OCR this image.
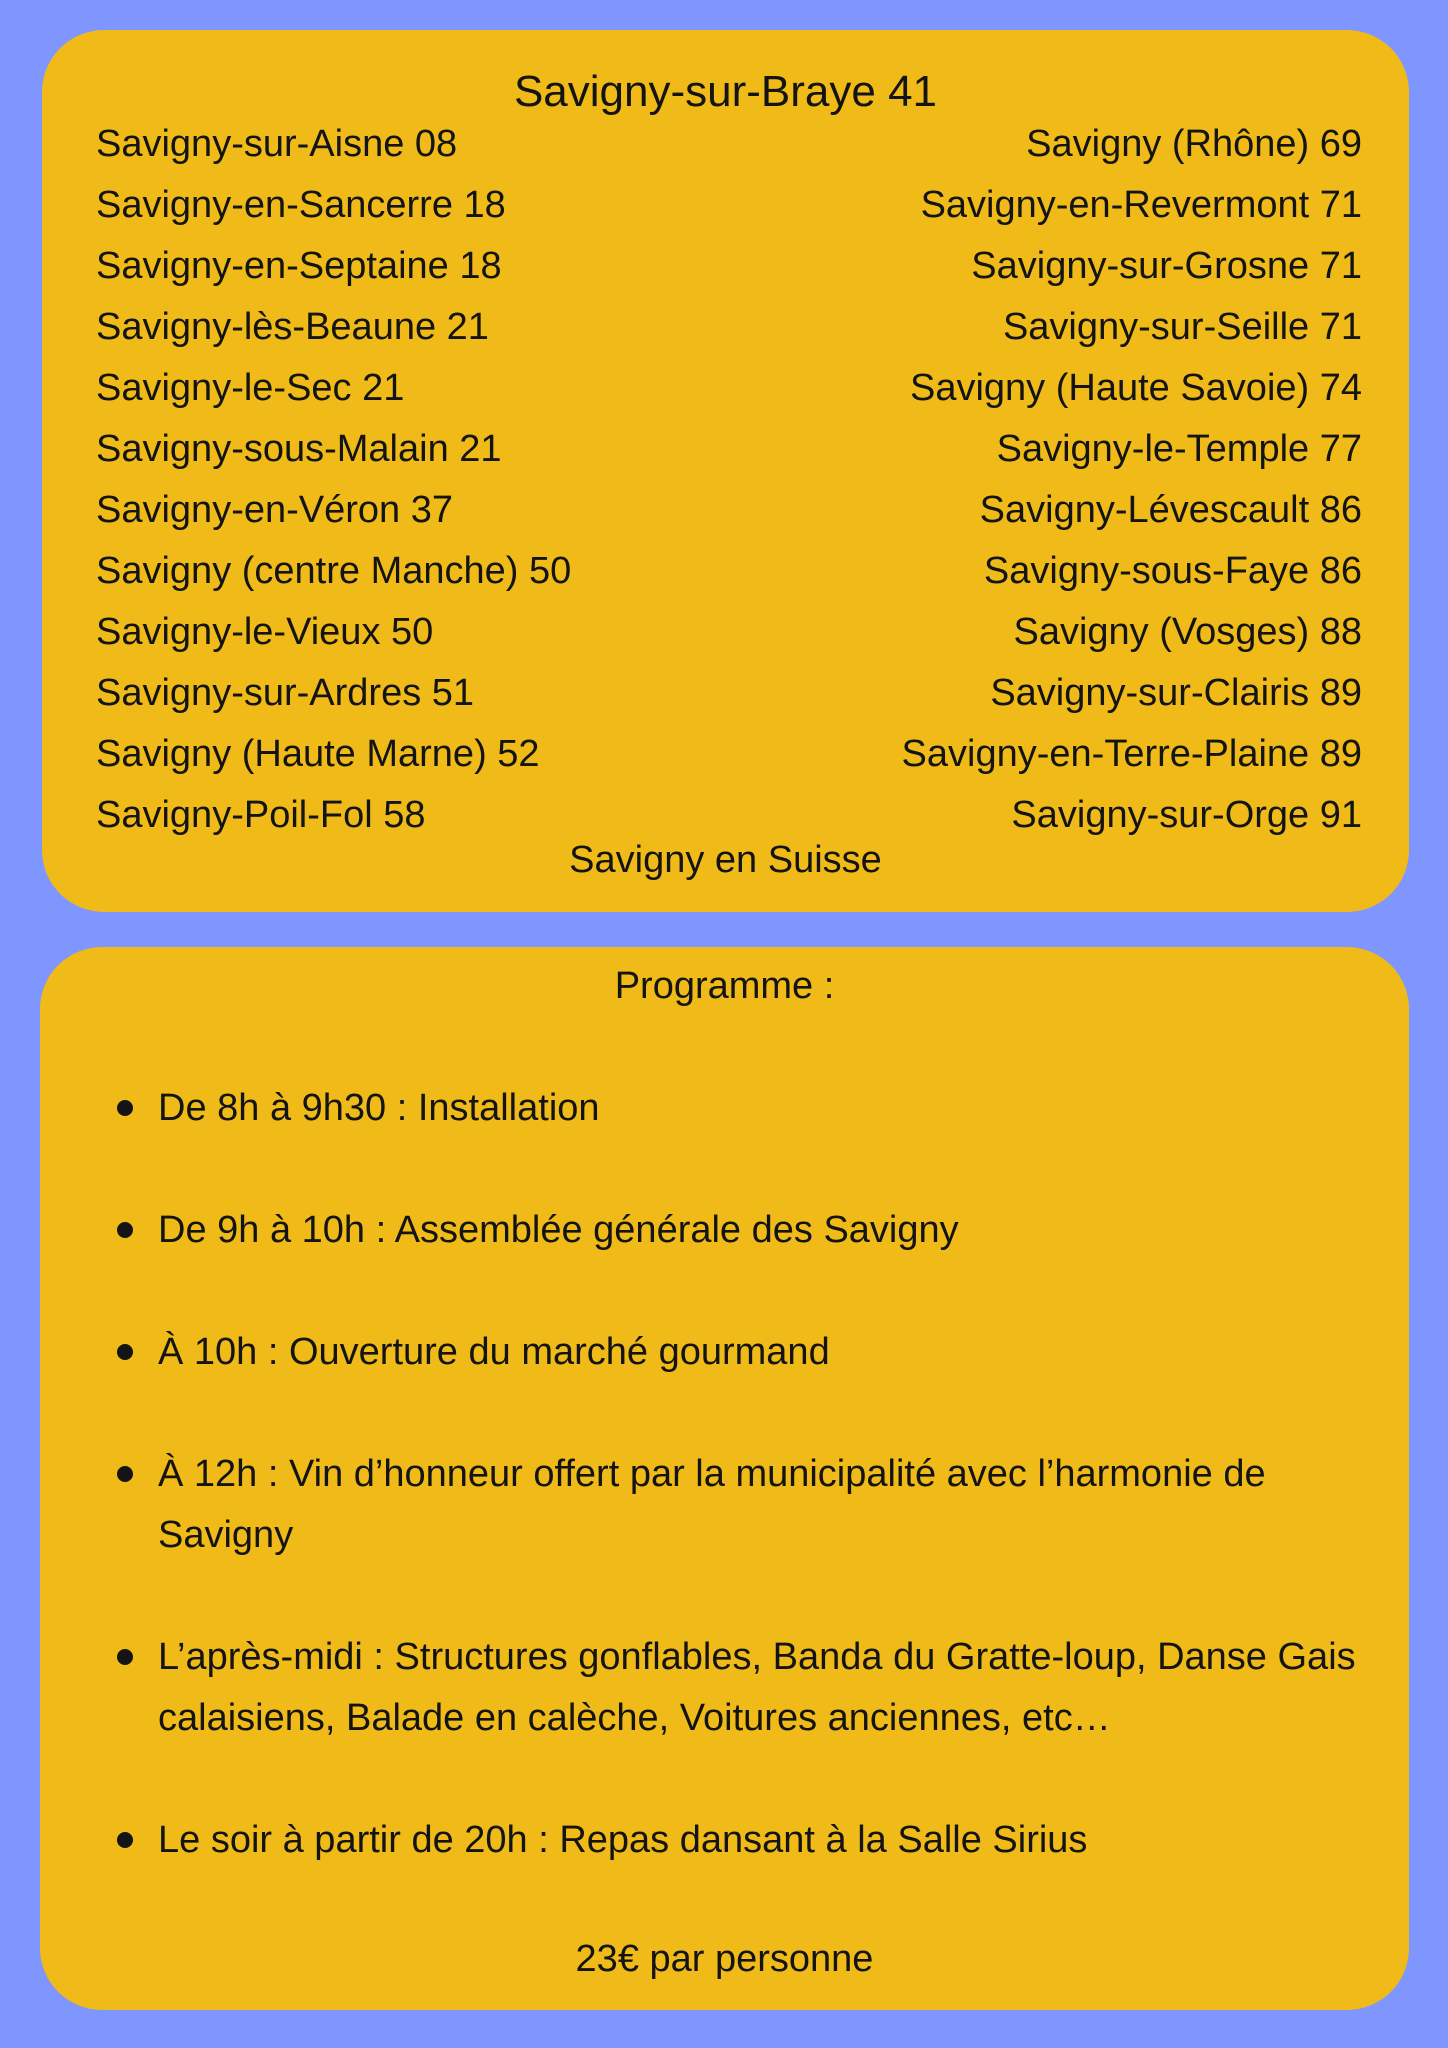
Savigny-sur-Braye 41
Savigny-sur-Aisne 08
Savigny-en-Sancerre 18
Savigny-en-Septaine 18
Savigny-lès-Beaune 21
Savigny-le-Sec 21
Savigny-sous-Malain 21
Savigny-en-Véron 37
Savigny (centre Manche) 50
Savigny-le-Vieux 50
Savigny-sur-Ardres 51
Savigny (Haute Marne) 52
Savigny-Poil-Fol 58
Savigny (Rhône) 69
Savigny-en-Revermont 71
Savigny-sur-Grosne 71
Savigny-sur-Seille 71
Savigny (Haute Savoie) 74
Savigny-le-Temple 77
Savigny-Lévescault 86
Savigny-sous-Faye 86
Savigny (Vosges) 88
Savigny-sur-Clairis 89
Savigny-en-Terre-Plaine 89
Savigny-sur-Orge 91
Savigny en Suisse
Programme :
De 8h à 9h30 : Installation
De 9h à 10h : Assemblée générale des Savigny
À 10h : Ouverture du marché gourmand
À 12h : Vin d’honneur offert par la municipalité avec l’harmonie de Savigny
L’après-midi : Structures gonflables, Banda du Gratte-loup, Danse Gais calaisiens, Balade en calèche, Voitures anciennes, etc…
Le soir à partir de 20h : Repas dansant à la Salle Sirius
23€ par personne
